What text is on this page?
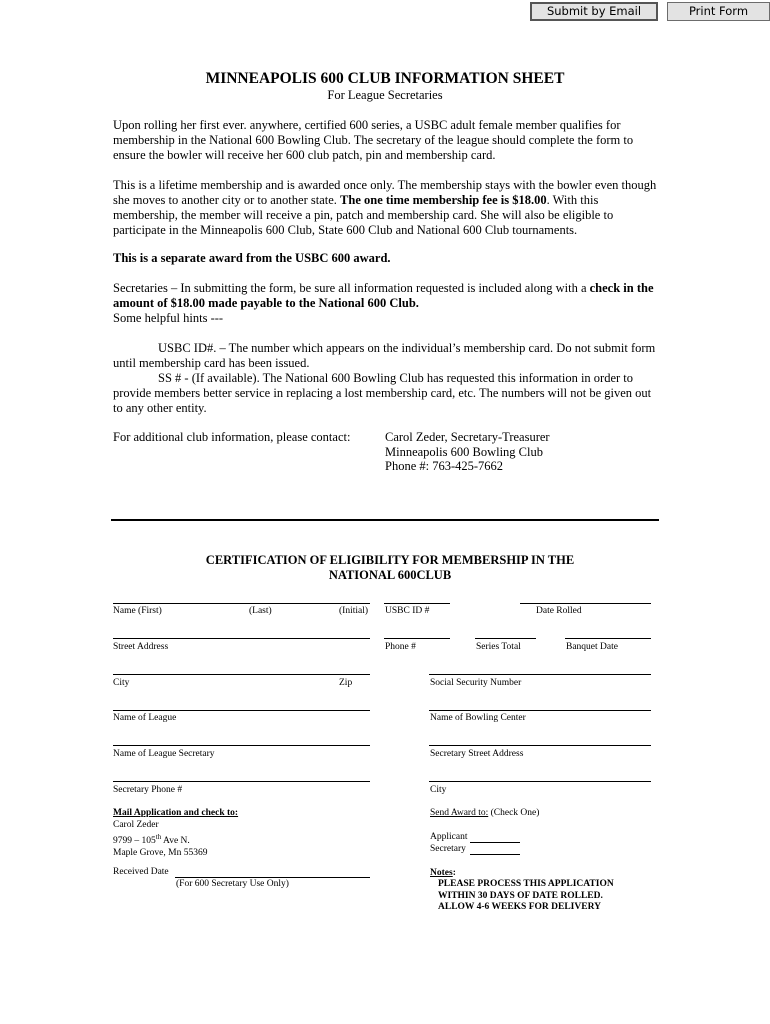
Submit by Email	Print Form
MINNEAPOLIS 600 CLUB INFORMATION SHEET
For League Secretaries
Upon rolling her first ever. anywhere, certified 600 series, a USBC adult female member qualifies for membership in the National 600 Bowling Club. The secretary of the league should complete the form to ensure the bowler will receive her 600 club patch, pin and membership card.
This is a lifetime membership and is awarded once only. The membership stays with the bowler even though she moves to another city or to another state. The one time membership fee is $18.00. With this membership, the member will receive a pin, patch and membership card. She will also be eligible to participate in the Minneapolis 600 Club, State 600 Club and National 600 Club tournaments.
This is a separate award from the USBC 600 award.
Secretaries – In submitting the form, be sure all information requested is included along with a check in the amount of $18.00 made payable to the National 600 Club.
Some helpful hints ---
USBC ID#. – The number which appears on the individual’s membership card. Do not submit form until membership card has been issued.
SS # - (If available). The National 600 Bowling Club has requested this information in order to provide members better service in replacing a lost membership card, etc. The numbers will not be given out to any other entity.
For additional club information, please contact:	Carol Zeder, Secretary-Treasurer
Minneapolis 600 Bowling Club
Phone #: 763-425-7662
CERTIFICATION OF ELIGIBILITY FOR MEMBERSHIP IN THE
NATIONAL 600CLUB
Name (First)	(Last)	(Initial) USBC ID #	Date Rolled
Street Address	Phone #	Series Total	Banquet Date
City	Zip	Social Security Number
Name of League	Name of Bowling Center
Name of League Secretary	Secretary Street Address
Secretary Phone #	City
Mail Application and check to:
Carol Zeder
9799 – 105th Ave N.
Maple Grove, Mn 55369
Send Award to: (Check One)
Applicant
Secretary
Received Date
(For 600 Secretary Use Only)
Notes:
PLEASE PROCESS THIS APPLICATION
WITHIN 30 DAYS OF DATE ROLLED.
ALLOW 4-6 WEEKS FOR DELIVERY
